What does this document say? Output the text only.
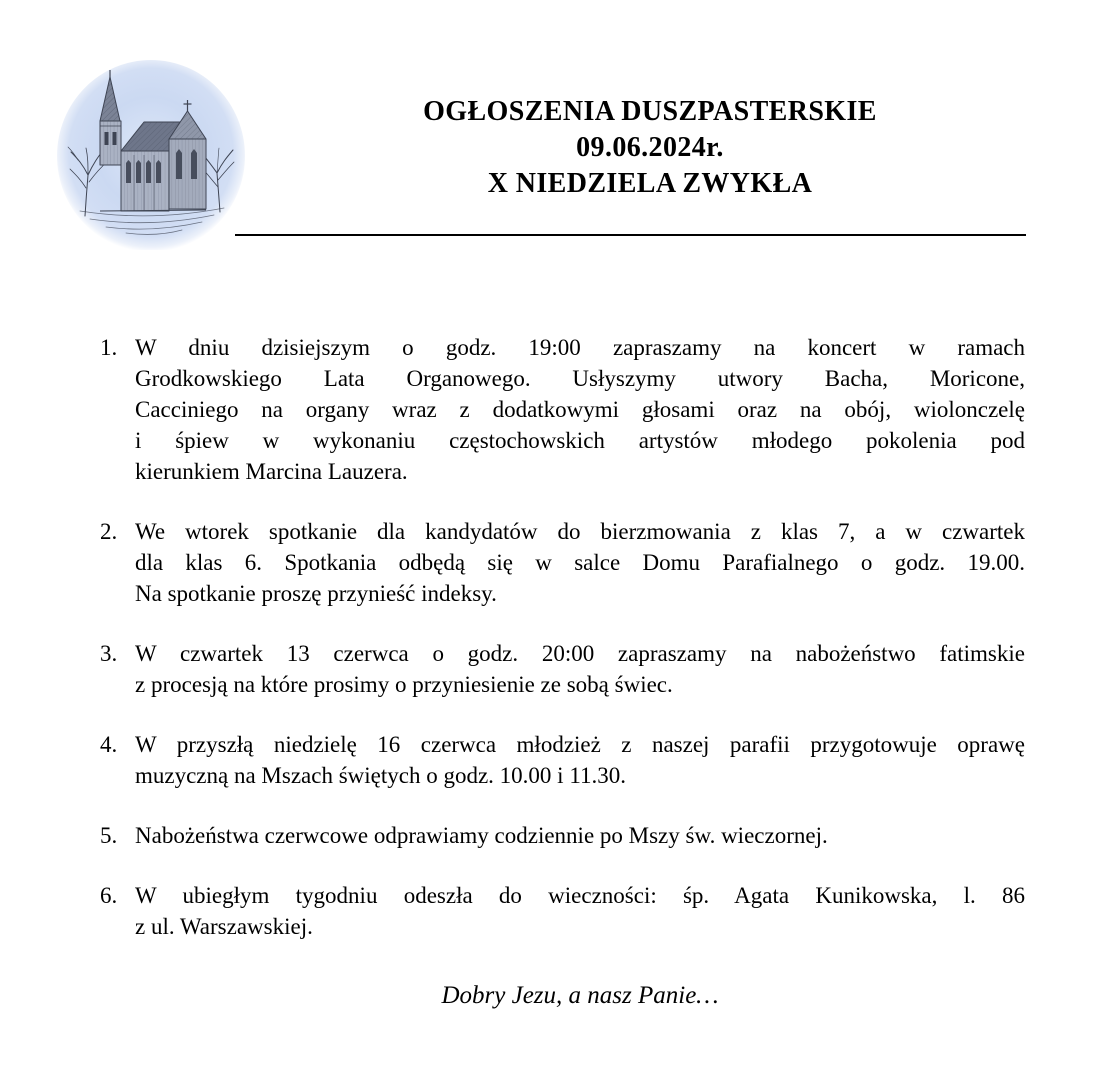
OGŁOSZENIA DUSZPASTERSKIE
09.06.2024r.
X NIEDZIELA ZWYKŁA
1. W dniu dzisiejszym o godz. 19:00 zapraszamy na koncert w ramach
Grodkowskiego Lata Organowego. Usłyszymy utwory Bacha, Moricone,
Cacciniego na organy wraz z dodatkowymi głosami oraz na obój, wiolonczelę
i śpiew w wykonaniu częstochowskich artystów młodego pokolenia pod
kierunkiem Marcina Lauzera.
2. We wtorek spotkanie dla kandydatów do bierzmowania z klas 7, a w czwartek
dla klas 6. Spotkania odbędą się w salce Domu Parafialnego o godz. 19.00.
Na spotkanie proszę przynieść indeksy.
3. W czwartek 13 czerwca o godz. 20:00 zapraszamy na nabożeństwo fatimskie
z procesją na które prosimy o przyniesienie ze sobą świec.
4. W przyszłą niedzielę 16 czerwca młodzież z naszej parafii przygotowuje oprawę
muzyczną na Mszach świętych o godz. 10.00 i 11.30.
5. Nabożeństwa czerwcowe odprawiamy codziennie po Mszy św. wieczornej.
6. W ubiegłym tygodniu odeszła do wieczności: śp. Agata Kunikowska, l. 86
z ul. Warszawskiej.
Dobry Jezu, a nasz Panie…
